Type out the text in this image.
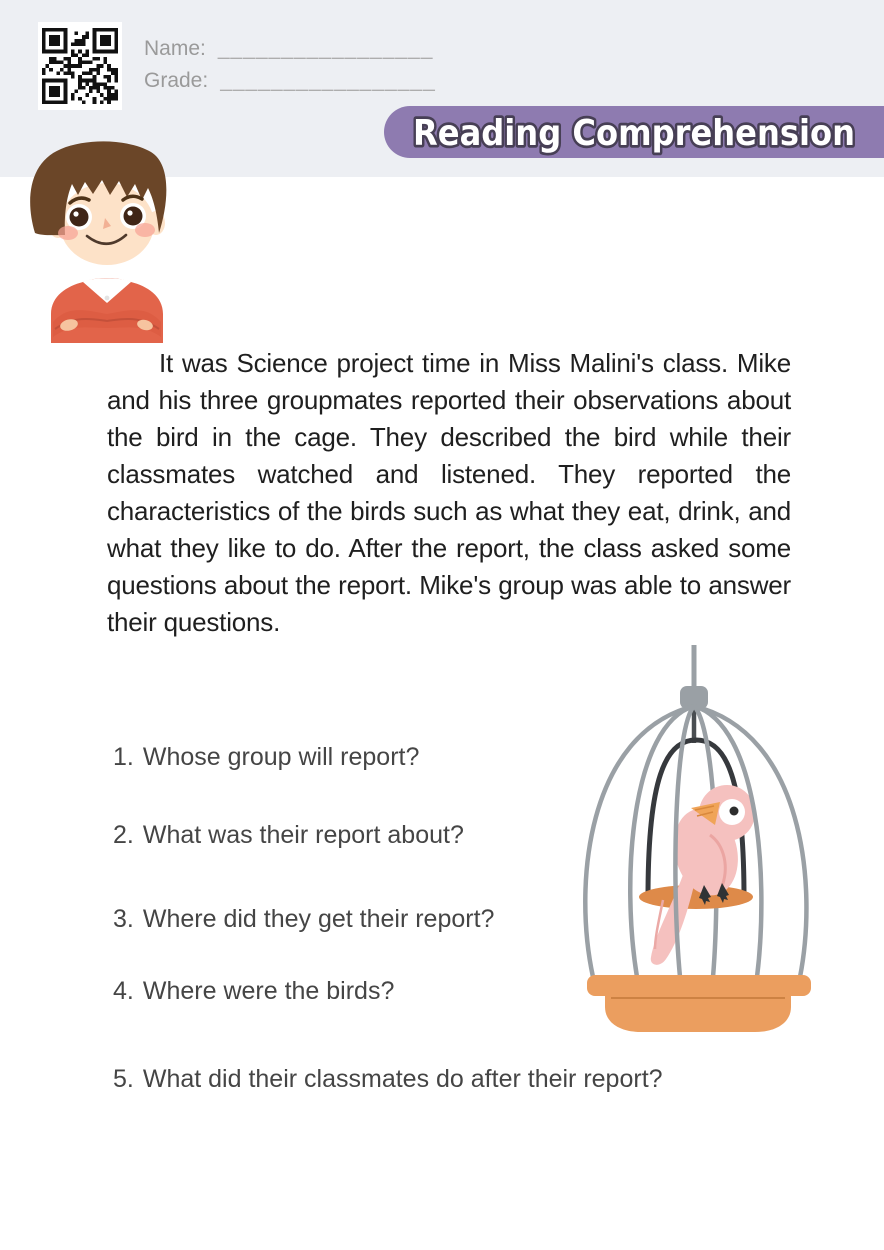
Name: _________________
Grade: _________________
Reading Comprehension

It was Science project time in Miss Malini's class. Mike and his three groupmates reported their observations about the bird in the cage. They described the bird while their classmates watched and listened. They reported the characteristics of the birds such as what they eat, drink, and what they like to do. After the report, the class asked some questions about the report. Mike's group was able to answer their questions.

1. Whose group will report?
2. What was their report about?
3. Where did they get their report?
4. Where were the birds?
5. What did their classmates do after their report?
